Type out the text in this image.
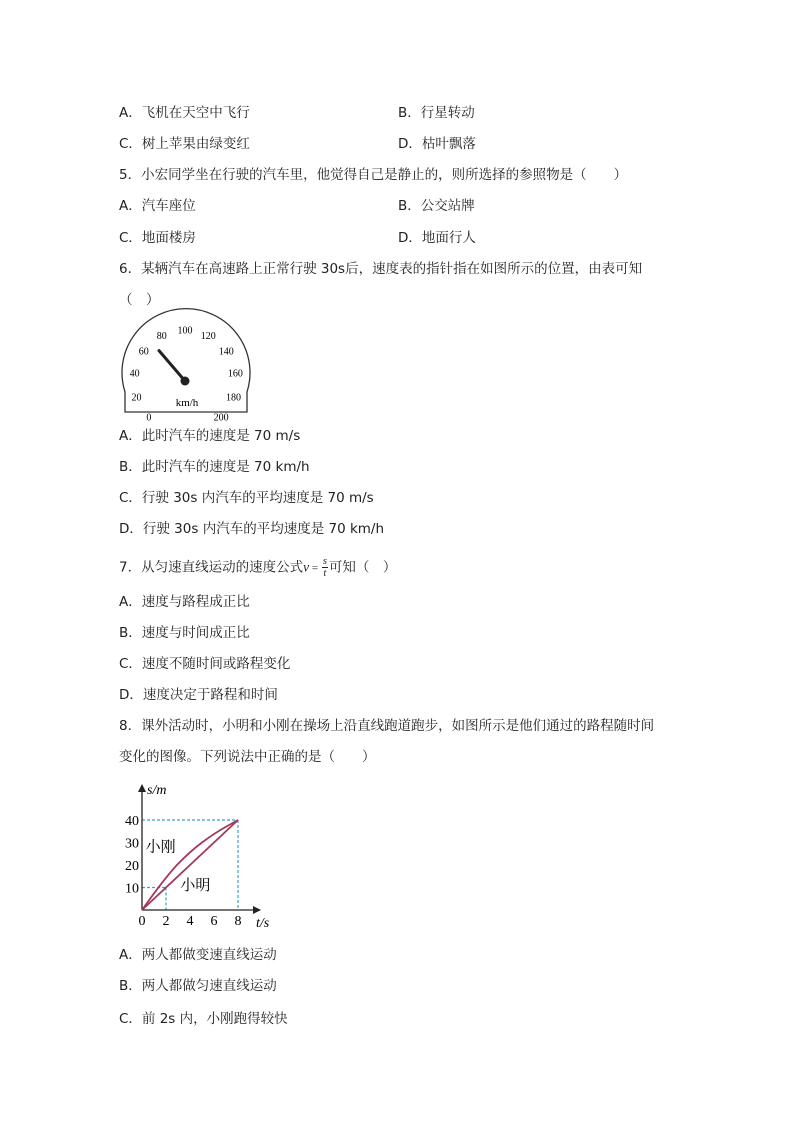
A．飞机在天空中飞行	B．行星转动
C．树上苹果由绿变红	D．枯叶飘落
5．小宏同学坐在行驶的汽车里，他觉得自己是静止的，则所选择的参照物是（　　）
A．汽车座位	B．公交站牌
C．地面楼房	D．地面行人
6．某辆汽车在高速路上正常行驶 30s后，速度表的指针指在如图所示的位置，由表可知
（　）
0
20
40
60
80
100
120
140
160
180
200
km/h
A．此时汽车的速度是 70 m/s
B．此时汽车的速度是 70 km/h
C．行驶 30s 内汽车的平均速度是 70 m/s
D．行驶 30s 内汽车的平均速度是 70 km/h
7．从匀速直线运动的速度公式$v = \frac{s}{t}$ 可知（　）
A．速度与路程成正比
B．速度与时间成正比
C．速度不随时间或路程变化
D．速度决定于路程和时间
8．课外活动时，小明和小刚在操场上沿直线跑道跑步，如图所示是他们通过的路程随时间
变化的图像。下列说法中正确的是（　　）
0 2 4 6 8
10
20
30
40
s/m
t/s
小刚
小明
A．两人都做变速直线运动
B．两人都做匀速直线运动
C．前 2s 内，小刚跑得较快
